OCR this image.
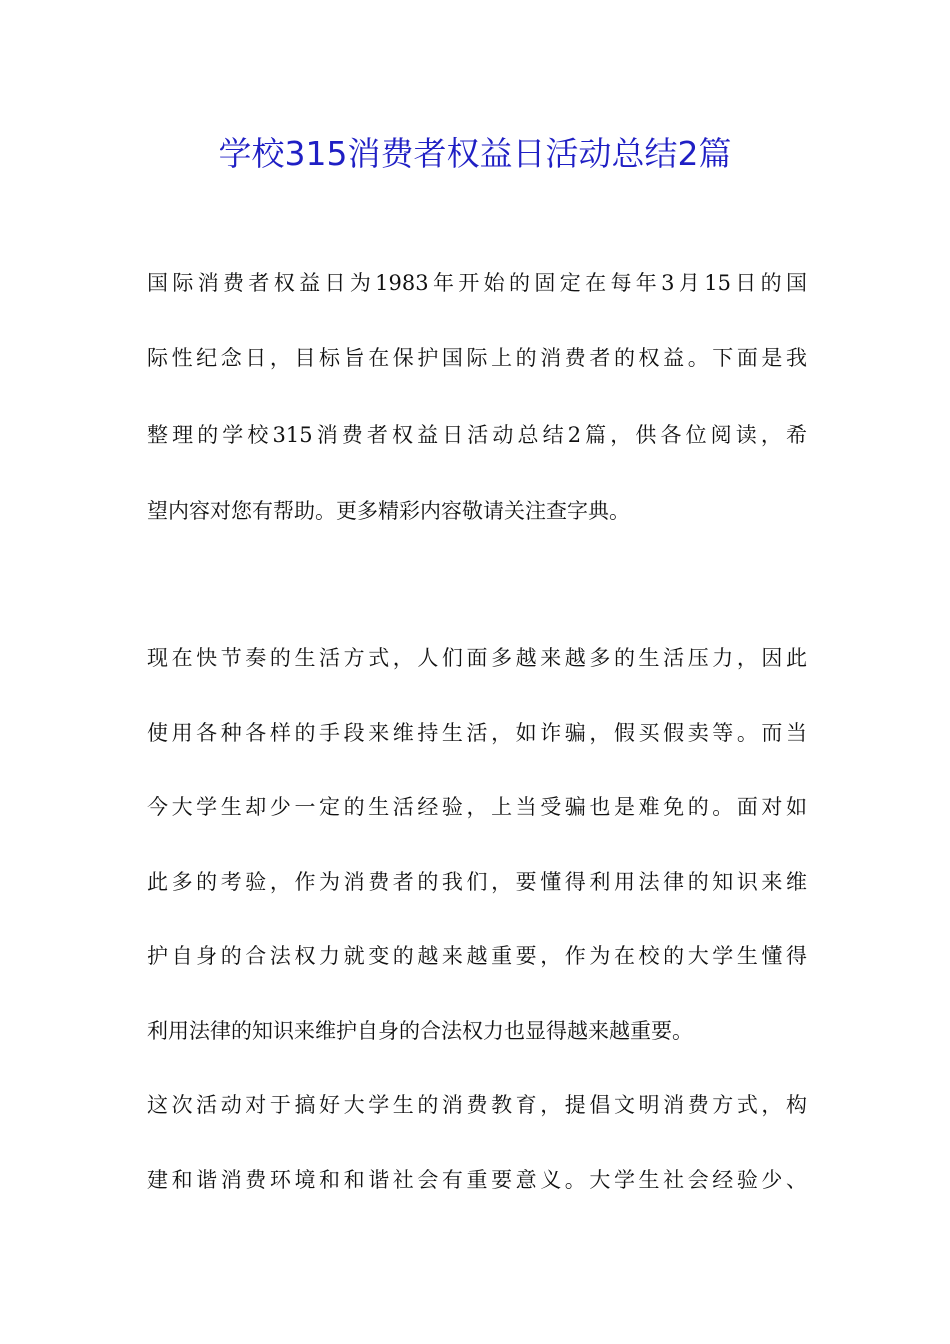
学校315消费者权益日活动总结2篇
国际消费者权益日为1983年开始的固定在每年3月15日的国
际性纪念日，目标旨在保护国际上的消费者的权益。下面是我
整理的学校315消费者权益日活动总结2篇，供各位阅读，希
望内容对您有帮助。更多精彩内容敬请关注查字典。
现在快节奏的生活方式，人们面多越来越多的生活压力，因此
使用各种各样的手段来维持生活，如诈骗，假买假卖等。而当
今大学生却少一定的生活经验，上当受骗也是难免的。面对如
此多的考验，作为消费者的我们，要懂得利用法律的知识来维
护自身的合法权力就变的越来越重要，作为在校的大学生懂得
利用法律的知识来维护自身的合法权力也显得越来越重要。
这次活动对于搞好大学生的消费教育，提倡文明消费方式，构
建和谐消费环境和和谐社会有重要意义。大学生社会经验少、
